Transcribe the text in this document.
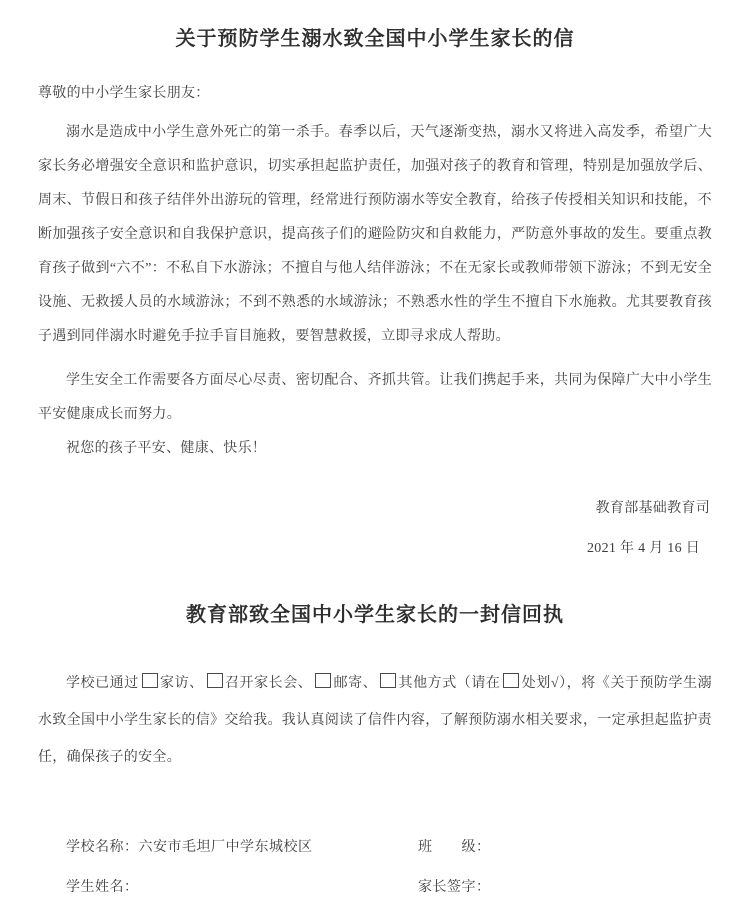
关于预防学生溺水致全国中小学生家长的信

尊敬的中小学生家长朋友：

溺水是造成中小学生意外死亡的第一杀手。春季以后，天气逐渐变热，溺水又将进入高发季，希望广大家长务必增强安全意识和监护意识，切实承担起监护责任，加强对孩子的教育和管理，特别是加强放学后、周末、节假日和孩子结伴外出游玩的管理，经常进行预防溺水等安全教育，给孩子传授相关知识和技能，不断加强孩子安全意识和自我保护意识，提高孩子们的避险防灾和自救能力，严防意外事故的发生。要重点教育孩子做到“六不”：不私自下水游泳；不擅自与他人结伴游泳；不在无家长或教师带领下游泳；不到无安全设施、无救援人员的水域游泳；不到不熟悉的水域游泳；不熟悉水性的学生不擅自下水施救。尤其要教育孩子遇到同伴溺水时避免手拉手盲目施救，要智慧救援，立即寻求成人帮助。

学生安全工作需要各方面尽心尽责、密切配合、齐抓共管。让我们携起手来，共同为保障广大中小学生平安健康成长而努力。

祝您的孩子平安、健康、快乐！

教育部基础教育司

2021 年 4 月 16 日

教育部致全国中小学生家长的一封信回执

学校已通过 家访、 召开家长会、 邮寄、 其他方式（请在 处划√），将《关于预防学生溺水致全国中小学生家长的信》交给我。我认真阅读了信件内容，了解预防溺水相关要求，一定承担起监护责任，确保孩子的安全。

学校名称：六安市毛坦厂中学东城校区	班　　级：
学生姓名：	家长签字：
